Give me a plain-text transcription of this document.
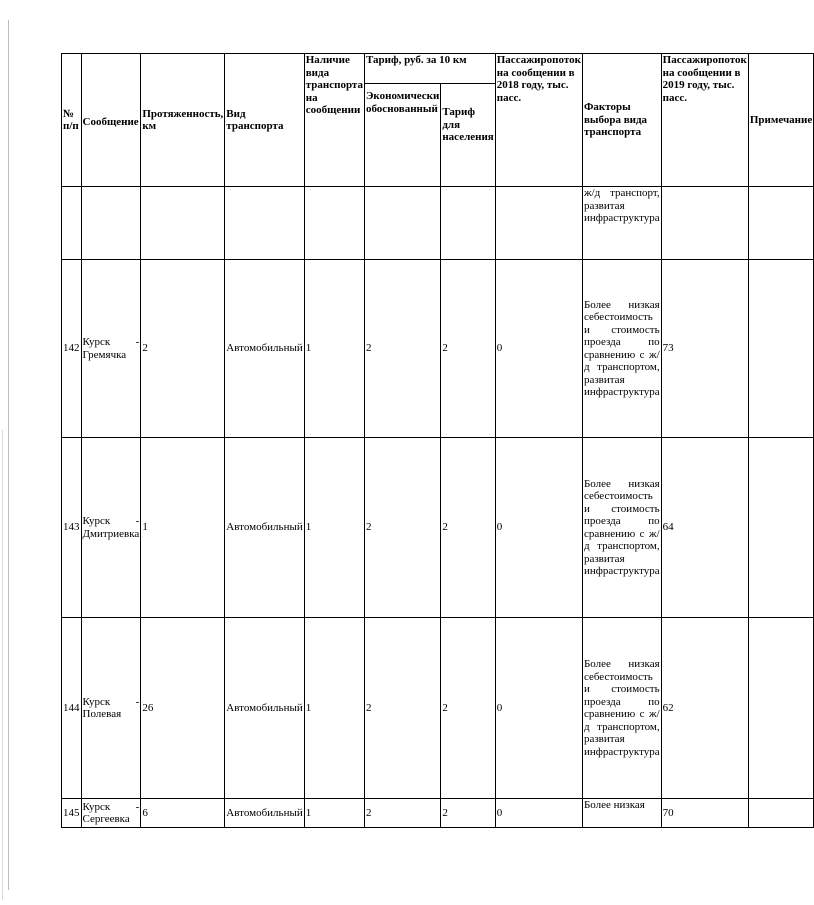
№ п/п	Сообщение	Протяженность, км	Вид транспорта	Наличие вида транспорта на сообщении	Тариф, руб. за 10 км		Пассажиропоток на сообщении в 2018 году, тыс. пасс.	Факторы выбора вида транспорта	Пассажиропоток на сообщении в 2019 году, тыс. пасс.	Примечание
					Экономически обоснованный	Тариф для населения				
								ж/д транспорт, развитая инфраструктура		
142	Курск - Гремячка	2	Автомобильный	1	2	2	0	Более низкая себестоимость и стоимость проезда по сравнению с ж/д транспортом, развитая инфраструктура	73	
143	Курск - Дмитриевка	1	Автомобильный	1	2	2	0	Более низкая себестоимость и стоимость проезда по сравнению с ж/д транспортом, развитая инфраструктура	64	
144	Курск - Полевая	26	Автомобильный	1	2	2	0	Более низкая себестоимость и стоимость проезда по сравнению с ж/д транспортом, развитая инфраструктура	62	
145	Курск - Сергеевка	6	Автомобильный	1	2	2	0	Более низкая	70	
